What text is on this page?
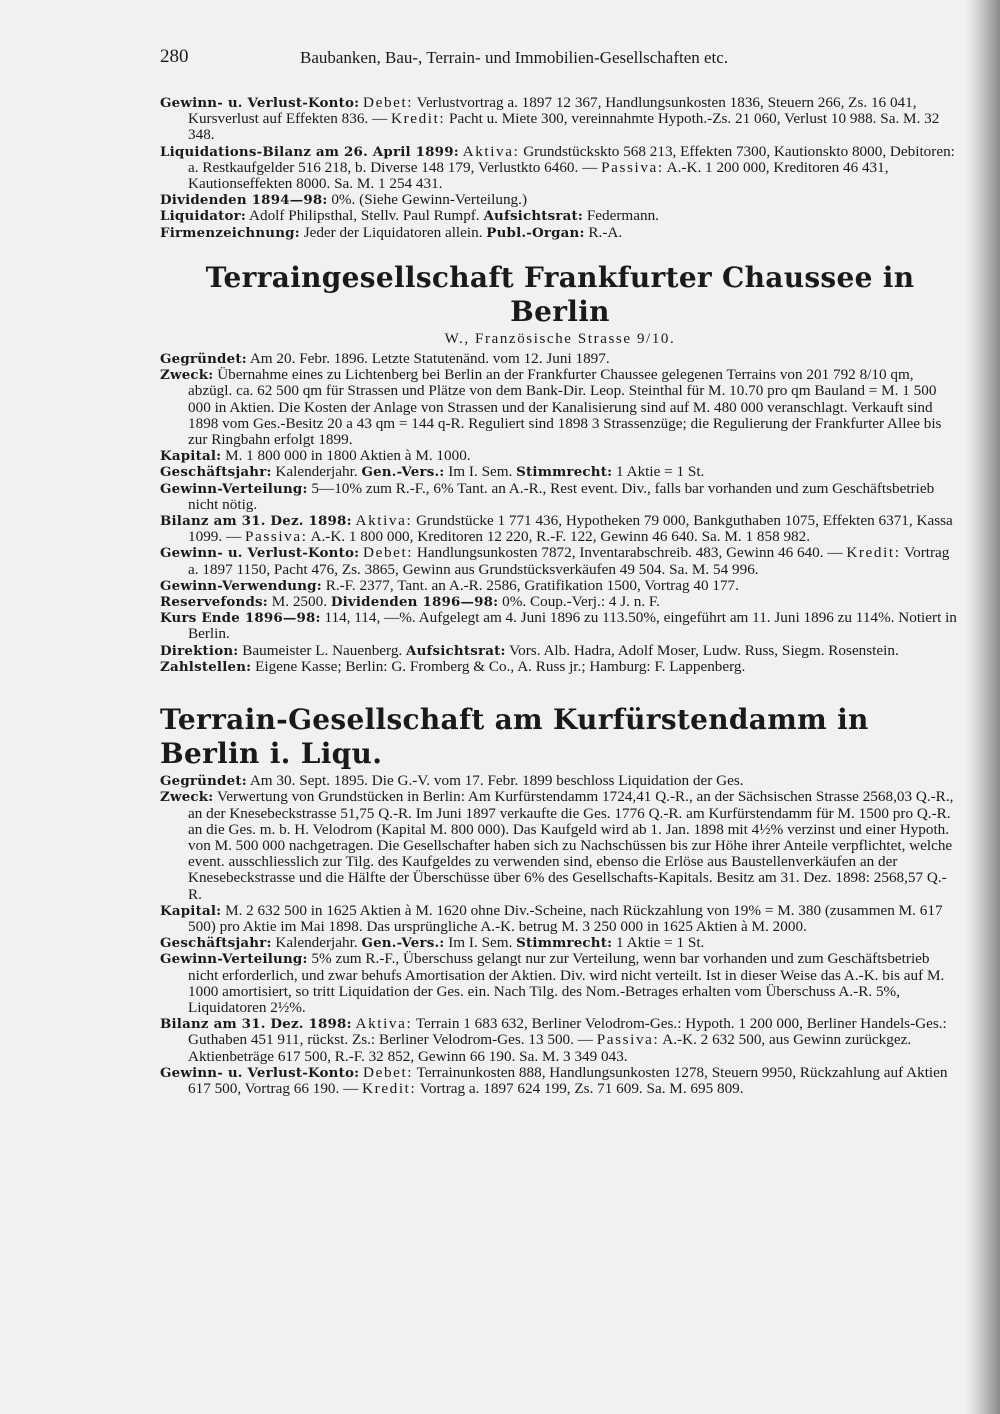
280	Baubanken, Bau-, Terrain- und Immobilien-Gesellschaften etc.

Gewinn- u. Verlust-Konto: Debet: Verlustvortrag a. 1897 12 367, Handlungsunkosten 1836, Steuern 266, Zs. 16 041, Kursverlust auf Effekten 836. — Kredit: Pacht u. Miete 300, vereinnahmte Hypoth.-Zs. 21 060, Verlust 10 988. Sa. M. 32 348.

Liquidations-Bilanz am 26. April 1899: Aktiva: Grundstückskto 568 213, Effekten 7300, Kautionskto 8000, Debitoren: a. Restkaufgelder 516 218, b. Diverse 148 179, Verlustkto 6460. — Passiva: A.-K. 1 200 000, Kreditoren 46 431, Kautionseffekten 8000. Sa. M. 1 254 431.

Dividenden 1894—98: 0%. (Siehe Gewinn-Verteilung.)

Liquidator: Adolf Philipsthal, Stellv. Paul Rumpf. Aufsichtsrat: Federmann.

Firmenzeichnung: Jeder der Liquidatoren allein. Publ.-Organ: R.-A.

Terraingesellschaft Frankfurter Chaussee in Berlin
W., Französische Strasse 9/10.

Gegründet: Am 20. Febr. 1896. Letzte Statutenänd. vom 12. Juni 1897.

Zweck: Übernahme eines zu Lichtenberg bei Berlin an der Frankfurter Chaussee gelegenen Terrains von 201 792 8/10 qm, abzügl. ca. 62 500 qm für Strassen und Plätze von dem Bank-Dir. Leop. Steinthal für M. 10.70 pro qm Bauland = M. 1 500 000 in Aktien. Die Kosten der Anlage von Strassen und der Kanalisierung sind auf M. 480 000 veranschlagt. Verkauft sind 1898 vom Ges.-Besitz 20 a 43 qm = 144 q-R. Reguliert sind 1898 3 Strassenzüge; die Regulierung der Frankfurter Allee bis zur Ringbahn erfolgt 1899.

Kapital: M. 1 800 000 in 1800 Aktien à M. 1000.

Geschäftsjahr: Kalenderjahr. Gen.-Vers.: Im I. Sem. Stimmrecht: 1 Aktie = 1 St.

Gewinn-Verteilung: 5—10% zum R.-F., 6% Tant. an A.-R., Rest event. Div., falls bar vorhanden und zum Geschäftsbetrieb nicht nötig.

Bilanz am 31. Dez. 1898: Aktiva: Grundstücke 1 771 436, Hypotheken 79 000, Bankguthaben 1075, Effekten 6371, Kassa 1099. — Passiva: A.-K. 1 800 000, Kreditoren 12 220, R.-F. 122, Gewinn 46 640. Sa. M. 1 858 982.

Gewinn- u. Verlust-Konto: Debet: Handlungsunkosten 7872, Inventarabschreib. 483, Gewinn 46 640. — Kredit: Vortrag a. 1897 1150, Pacht 476, Zs. 3865, Gewinn aus Grundstücksverkäufen 49 504. Sa. M. 54 996.

Gewinn-Verwendung: R.-F. 2377, Tant. an A.-R. 2586, Gratifikation 1500, Vortrag 40 177.

Reservefonds: M. 2500. Dividenden 1896—98: 0%. Coup.-Verj.: 4 J. n. F.

Kurs Ende 1896—98: 114, 114, —%. Aufgelegt am 4. Juni 1896 zu 113.50%, eingeführt am 11. Juni 1896 zu 114%. Notiert in Berlin.

Direktion: Baumeister L. Nauenberg. Aufsichtsrat: Vors. Alb. Hadra, Adolf Moser, Ludw. Russ, Siegm. Rosenstein.

Zahlstellen: Eigene Kasse; Berlin: G. Fromberg & Co., A. Russ jr.; Hamburg: F. Lappenberg.

Terrain-Gesellschaft am Kurfürstendamm in Berlin i. Liqu.

Gegründet: Am 30. Sept. 1895. Die G.-V. vom 17. Febr. 1899 beschloss Liquidation der Ges.

Zweck: Verwertung von Grundstücken in Berlin: Am Kurfürstendamm 1724,41 Q.-R., an der Sächsischen Strasse 2568,03 Q.-R., an der Knesebeckstrasse 51,75 Q.-R. Im Juni 1897 verkaufte die Ges. 1776 Q.-R. am Kurfürstendamm für M. 1500 pro Q.-R. an die Ges. m. b. H. Velodrom (Kapital M. 800 000). Das Kaufgeld wird ab 1. Jan. 1898 mit 4½% verzinst und einer Hypoth. von M. 500 000 nachgetragen. Die Gesellschafter haben sich zu Nachschüssen bis zur Höhe ihrer Anteile verpflichtet, welche event. ausschliesslich zur Tilg. des Kaufgeldes zu verwenden sind, ebenso die Erlöse aus Baustellenverkäufen an der Knesebeckstrasse und die Hälfte der Überschüsse über 6% des Gesellschafts-Kapitals. Besitz am 31. Dez. 1898: 2568,57 Q.-R.

Kapital: M. 2 632 500 in 1625 Aktien à M. 1620 ohne Div.-Scheine, nach Rückzahlung von 19% = M. 380 (zusammen M. 617 500) pro Aktie im Mai 1898. Das ursprüngliche A.-K. betrug M. 3 250 000 in 1625 Aktien à M. 2000.

Geschäftsjahr: Kalenderjahr. Gen.-Vers.: Im I. Sem. Stimmrecht: 1 Aktie = 1 St.

Gewinn-Verteilung: 5% zum R.-F., Überschuss gelangt nur zur Verteilung, wenn bar vorhanden und zum Geschäftsbetrieb nicht erforderlich, und zwar behufs Amortisation der Aktien. Div. wird nicht verteilt. Ist in dieser Weise das A.-K. bis auf M. 1000 amortisiert, so tritt Liquidation der Ges. ein. Nach Tilg. des Nom.-Betrages erhalten vom Überschuss A.-R. 5%, Liquidatoren 2½%.

Bilanz am 31. Dez. 1898: Aktiva: Terrain 1 683 632, Berliner Velodrom-Ges.: Hypoth. 1 200 000, Berliner Handels-Ges.: Guthaben 451 911, rückst. Zs.: Berliner Velodrom-Ges. 13 500. — Passiva: A.-K. 2 632 500, aus Gewinn zurückgez. Aktienbeträge 617 500, R.-F. 32 852, Gewinn 66 190. Sa. M. 3 349 043.

Gewinn- u. Verlust-Konto: Debet: Terrainunkosten 888, Handlungsunkosten 1278, Steuern 9950, Rückzahlung auf Aktien 617 500, Vortrag 66 190. — Kredit: Vortrag a. 1897 624 199, Zs. 71 609. Sa. M. 695 809.
